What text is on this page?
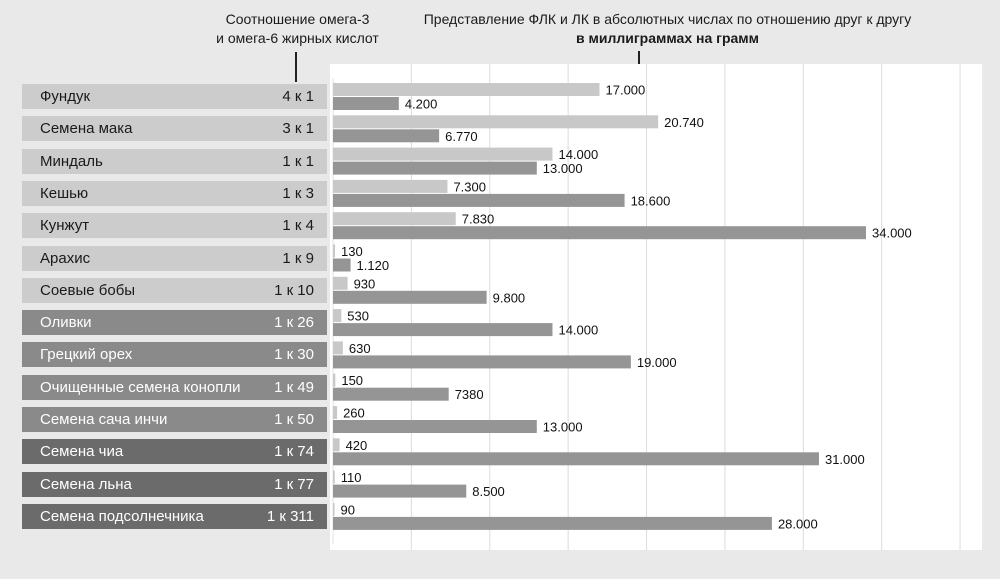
Соотношение омега-3
и омега-6 жирных кислот
Представление ФЛК и ЛК в абсолютных числах по отношению друг к другу
в миллиграммах на грамм
Фундук	4 к 1
Семена мака	3 к 1
Миндаль	1 к 1
Кешью	1 к 3
Кунжут	1 к 4
Арахис	1 к 9
Соевые бобы	1 к 10
Оливки	1 к 26
Грецкий орех	1 к 30
Очищенные семена конопли 1 к 49
Семена сача инчи	1 к 50
Семена чиа	1 к 74
Семена льна	1 к 77
Семена подсолнечника	1 к 311
17.000
4.200
20.740
6.770
14.000
13.000
7.300
18.600
7.830
34.000
130
1.120
930
9.800
530
14.000
630
19.000
150
7380
260
13.000
420
31.000
110
8.500
90
28.000
